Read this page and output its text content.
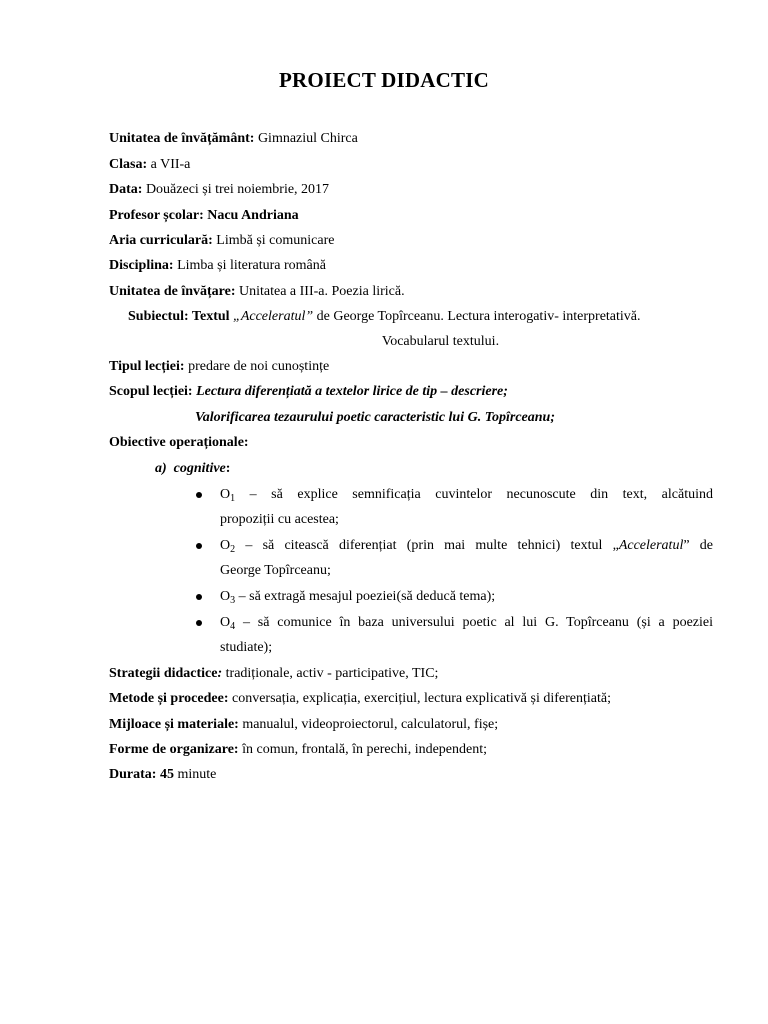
PROIECT DIDACTIC
Unitatea de învățământ: Gimnaziul Chirca
Clasa: a VII-a
Data: Douăzeci și trei noiembrie, 2017
Profesor școlar: Nacu Andriana
Aria curriculară: Limbă și comunicare
Disciplina: Limba și literatura română
Unitatea de învățare: Unitatea a III-a. Poezia lirică.
Subiectul: Textul „Acceleratul” de George Topîrceanu. Lectura interogativ- interpretativă.
Vocabularul textului.
Tipul lecției: predare de noi cunoștințe
Scopul lecției: Lectura diferențiată a textelor lirice de tip – descriere;
Valorificarea tezaurului poetic caracteristic lui G. Topîrceanu;
Obiective operaționale:
a) cognitive:
$O_1$ – să explice semnificația cuvintelor necunoscute din text, alcătuind
propoziții cu acestea;
$O_2$ – să citească diferențiat (prin mai multe tehnici) textul „Acceleratul” de
George Topîrceanu;
$O_3$ – să extragă mesajul poeziei(să deducă tema);
$O_4$ – să comunice în baza universului poetic al lui G. Topîrceanu (și a poeziei
studiate);
Strategii didactice: tradiționale, activ - participative, TIC;
Metode și procedee: conversația, explicația, exercițiul, lectura explicativă și diferențiată;
Mijloace și materiale: manualul, videoproiectorul, calculatorul, fișe;
Forme de organizare: în comun, frontală, în perechi, independent;
Durata: 45 minute
